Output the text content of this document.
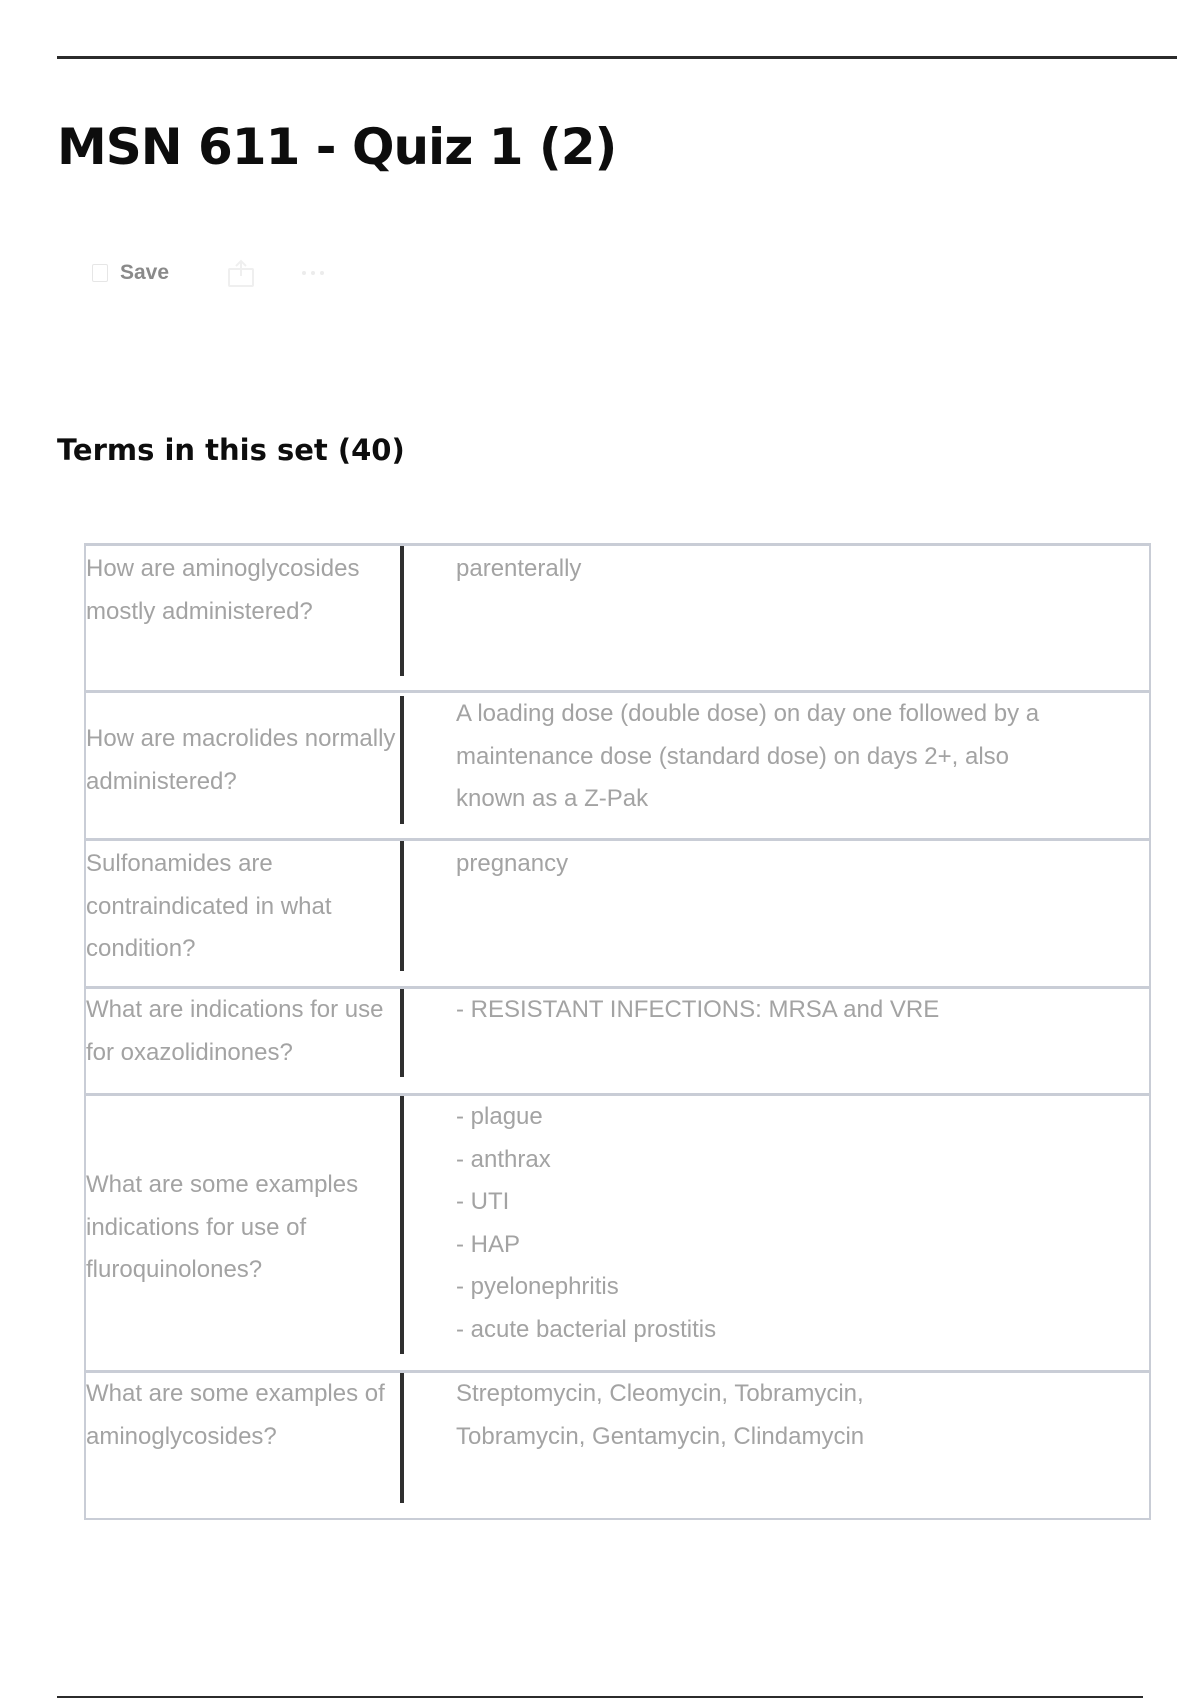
MSN 611 - Quiz 1 (2)
Save
Terms in this set (40)
How are aminoglycosides mostly administered?
parenterally
How are macrolides normally administered?
A loading dose (double dose) on day one followed by a maintenance dose (standard dose) on days 2+, also known as a Z-Pak
Sulfonamides are contraindicated in what condition?
pregnancy
What are indications for use for oxazolidinones?
- RESISTANT INFECTIONS: MRSA and VRE
What are some examples indications for use of fluroquinolones?
- plague
- anthrax
- UTI
- HAP
- pyelonephritis
- acute bacterial prostitis
What are some examples of aminoglycosides?
Streptomycin, Cleomycin, Tobramycin, Tobramycin, Gentamycin, Clindamycin
